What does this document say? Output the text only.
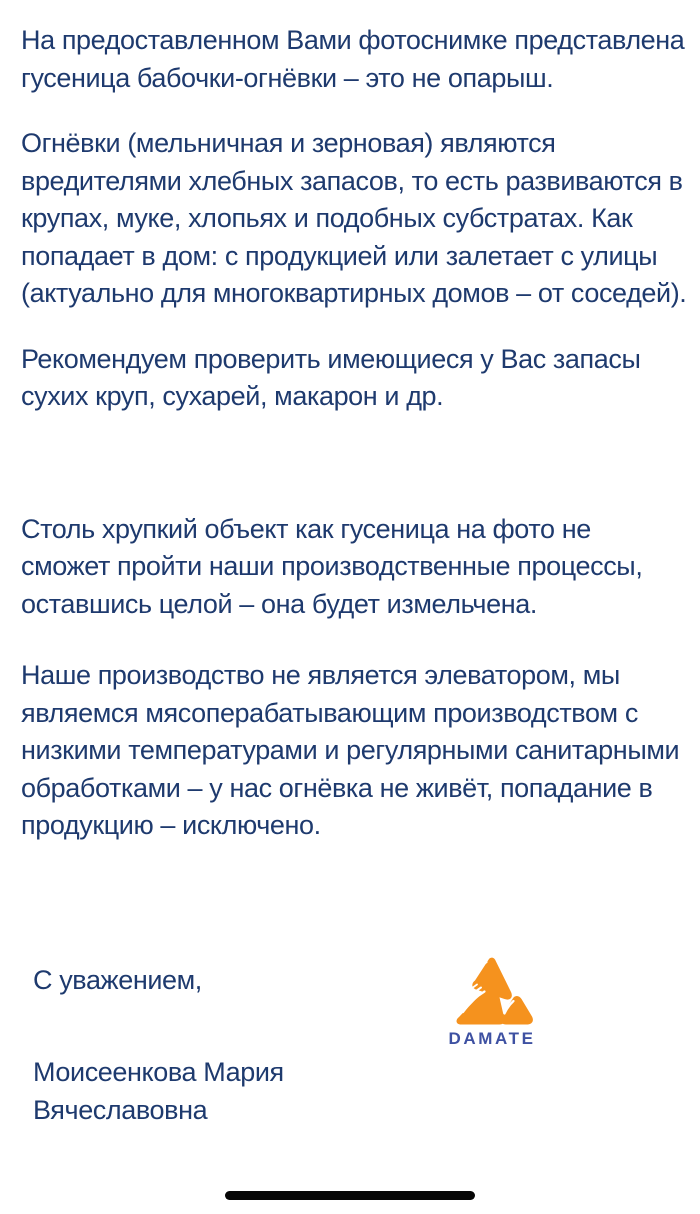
На предоставленном Вами фотоснимке представлена
гусеница бабочки-огнёвки – это не опарыш.
Огнёвки (мельничная и зерновая) являются
вредителями хлебных запасов, то есть развиваются в
крупах, муке, хлопьях и подобных субстратах. Как
попадает в дом: с продукцией или залетает с улицы
(актуально для многоквартирных домов – от соседей).
Рекомендуем проверить имеющиеся у Вас запасы
сухих круп, сухарей, макарон и др.
Столь хрупкий объект как гусеница на фото не
сможет пройти наши производственные процессы,
оставшись целой – она будет измельчена.
Наше производство не является элеватором, мы
являемся мясоперабатывающим производством с
низкими температурами и регулярными санитарными
обработками – у нас огнёвка не живёт, попадание в
продукцию – исключено.
С уважением,
Моисеенкова Мария
Вячеславовна
DAMATE
